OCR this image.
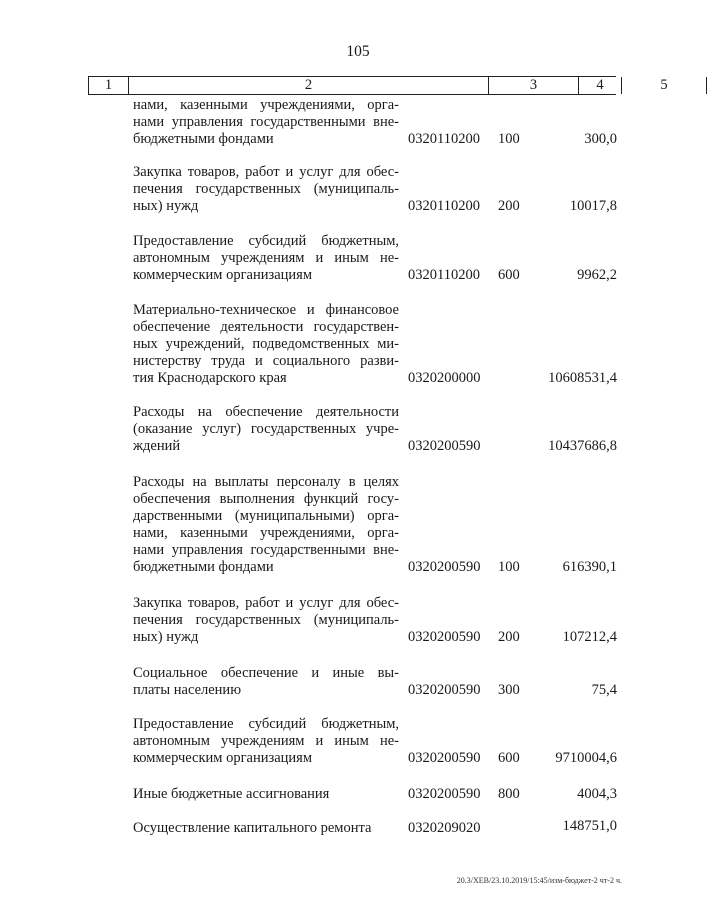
105
1	2	3	4	5
нами, казенными учреждениями, орга-
нами управления государственными вне-
бюджетными фондами	0320110200 100	300,0
Закупка товаров, работ и услуг для обес-
печения государственных (муниципаль-
ных) нужд	0320110200 200	10017,8
Предоставление субсидий бюджетным,
автономным учреждениям и иным не-
коммерческим организациям	0320110200 600	9962,2
Материально-техническое и финансовое
обеспечение деятельности государствен-
ных учреждений, подведомственных ми-
нистерству труда и социального разви-
тия Краснодарского края	0320200000	10608531,4
Расходы на обеспечение деятельности
(оказание услуг) государственных учре-
ждений	0320200590	10437686,8
Расходы на выплаты персоналу в целях
обеспечения выполнения функций госу-
дарственными (муниципальными) орга-
нами, казенными учреждениями, орга-
нами управления государственными вне-
бюджетными фондами	0320200590 100	616390,1
Закупка товаров, работ и услуг для обес-
печения государственных (муниципаль-
ных) нужд	0320200590 200	107212,4
Социальное обеспечение и иные вы-
платы населению	0320200590 300	75,4
Предоставление субсидий бюджетным,
автономным учреждениям и иным не-
коммерческим организациям	0320200590 600 9710004,6
Иные бюджетные ассигнования	0320200590 800	4004,3
Осуществление капитального ремонта	0320209020	148751,0
20.3/ХЕВ/23.10.2019/15:45/изм-бюджет-2 чт-2 ч.
